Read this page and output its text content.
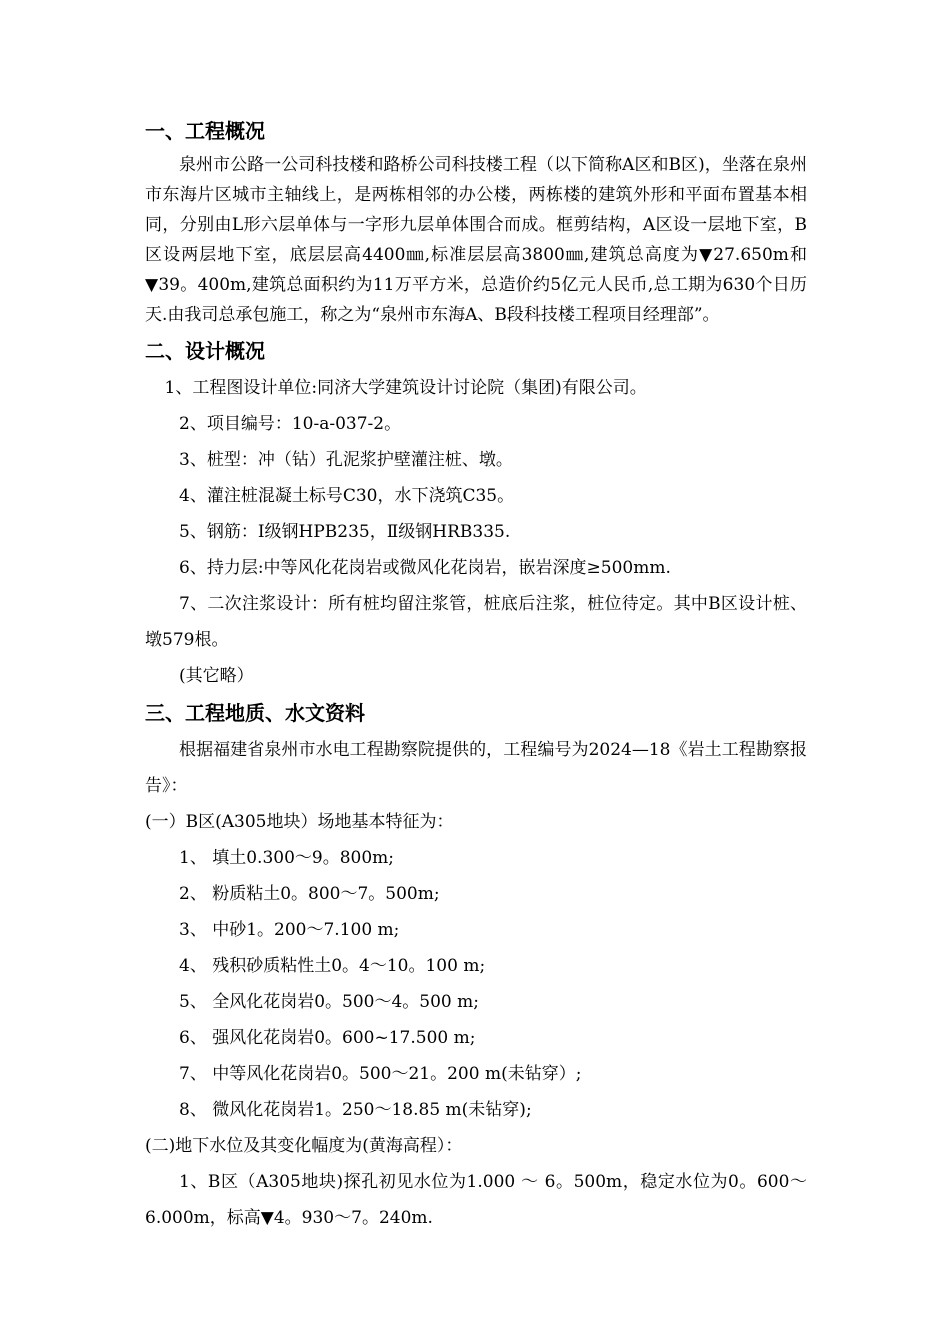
一、工程概况

泉州市公路一公司科技楼和路桥公司科技楼工程（以下简称A区和B区)，坐落在泉州市东海片区城市主轴线上，是两栋相邻的办公楼，两栋楼的建筑外形和平面布置基本相同，分别由L形六层单体与一字形九层单体围合而成。框剪结构，A区设一层地下室，B区设两层地下室，底层层高4400㎜,标准层层高3800㎜,建筑总高度为▼27.650m和▼39。400m,建筑总面积约为11万平方米，总造价约5亿元人民币,总工期为630个日历天.由我司总承包施工，称之为“泉州市东海A、B段科技楼工程项目经理部”。

二、设计概况

1、工程图设计单位:同济大学建筑设计讨论院（集团)有限公司。

2、项目编号：10-a-037-2。

3、桩型：冲（钻）孔泥浆护壁灌注桩、墩。

4、灌注桩混凝土标号C30，水下浇筑C35。

5、钢筋：Ⅰ级钢HPB235，Ⅱ级钢HRB335.

6、持力层:中等风化花岗岩或微风化花岗岩，嵌岩深度≥500mm.

7、二次注浆设计：所有桩均留注浆管，桩底后注浆，桩位待定。其中B区设计桩、墩579根。

(其它略）

三、工程地质、水文资料

根据福建省泉州市水电工程勘察院提供的，工程编号为2024—18《岩土工程勘察报告》：

(一）B区(A305地块）场地基本特征为：

1、 填土0.300～9。800m;

2、 粉质粘土0。800～7。500m;

3、 中砂1。200～7.100 m;

4、 残积砂质粘性土0。4～10。100 m;

5、 全风化花岗岩0。500～4。500 m;

6、 强风化花岗岩0。600~17.500 m;

7、 中等风化花岗岩0。500～21。200 m(未钻穿）;

8、 微风化花岗岩1。250～18.85 m(未钻穿);

(二)地下水位及其变化幅度为(黄海高程）：

1、B区（A305地块)探孔初见水位为1.000 ～ 6。500m，稳定水位为0。600～6.000m，标高▼4。930～7。240m.
